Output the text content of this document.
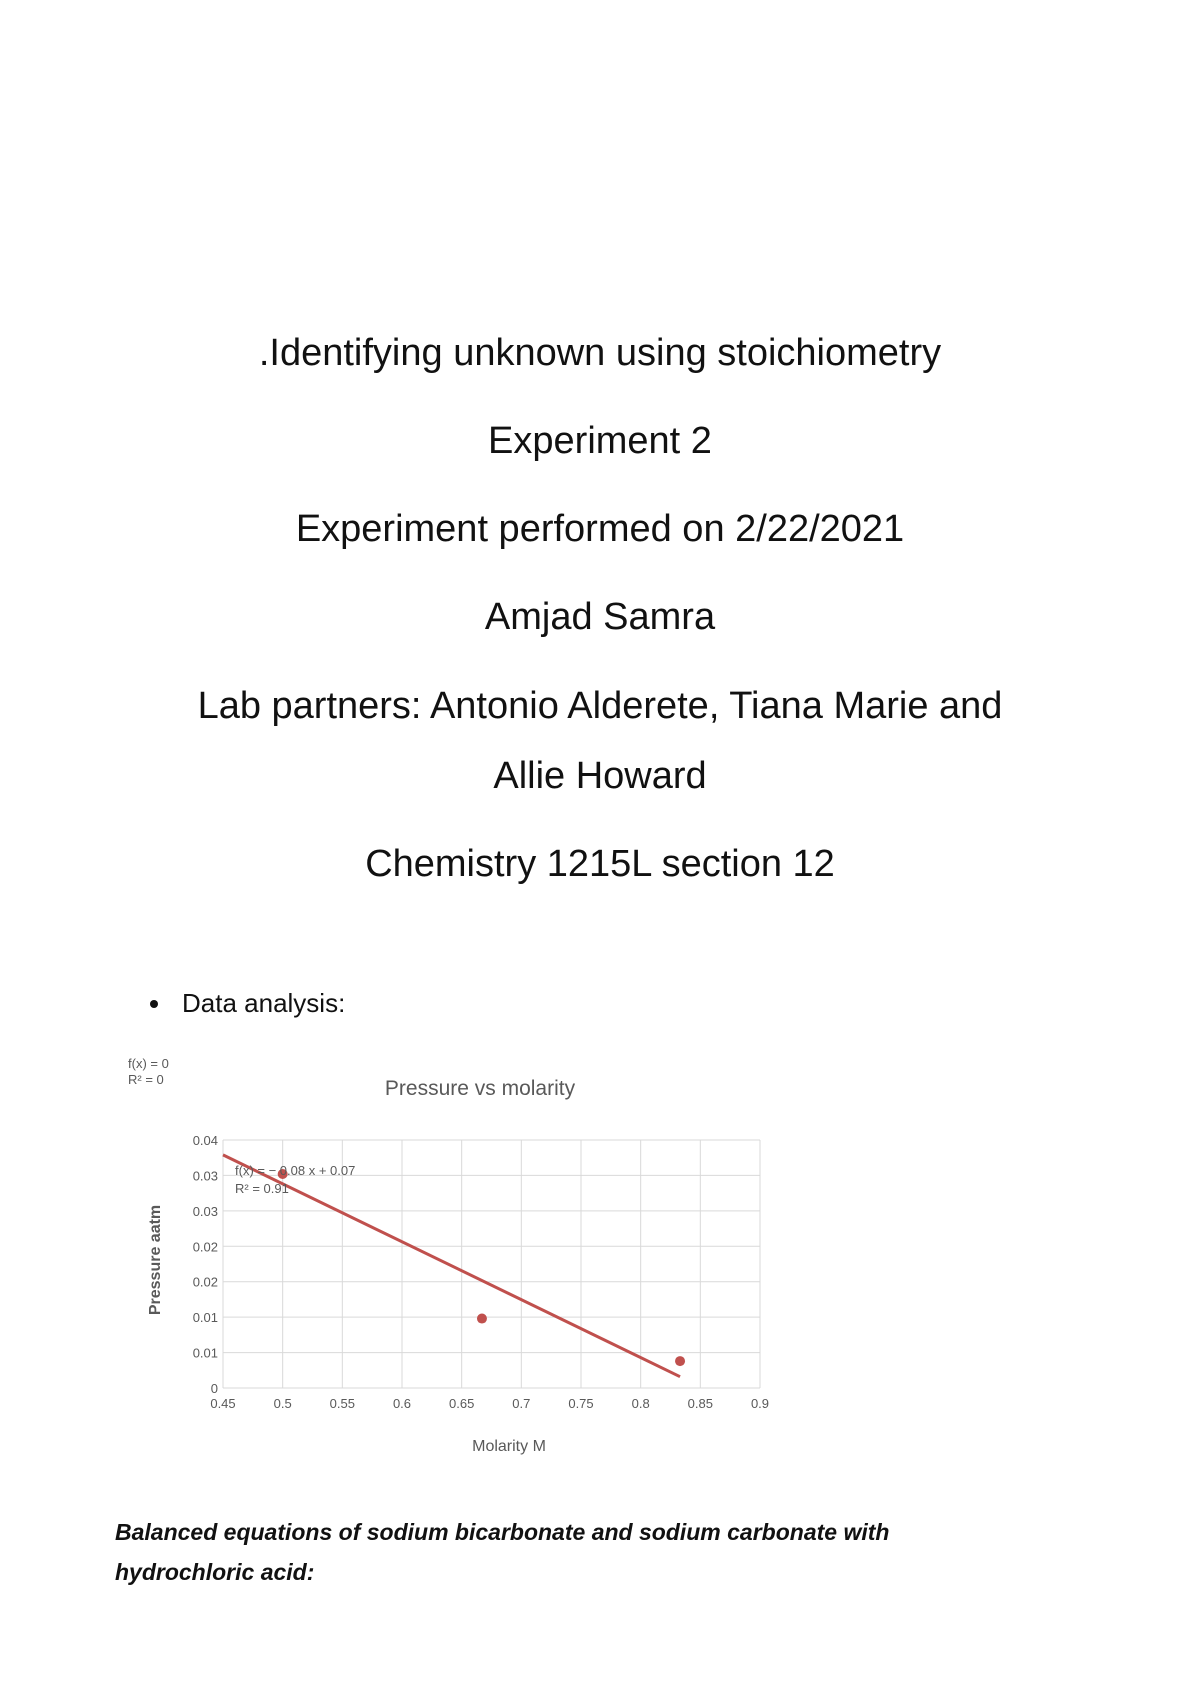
.Identifying unknown using stoichiometry
Experiment 2
Experiment performed on 2/22/2021
Amjad Samra
Lab partners: Antonio Alderete, Tiana Marie and
Allie Howard
Chemistry 1215L section 12
Data analysis:
f(x) = 0
R² = 0	Pressure vs molarity
0.45	0.5	0.55	0.6	0.65	0.7	0.75	0.8	0.85	0.9
0
0.01
0.01
0.02
0.02
0.03
0.03
0.04
f(x) = − 0.08 x + 0.07
R² = 0.91
Molarity M
Pressure aatm
Balanced equations of sodium bicarbonate and sodium carbonate with
hydrochloric acid:
